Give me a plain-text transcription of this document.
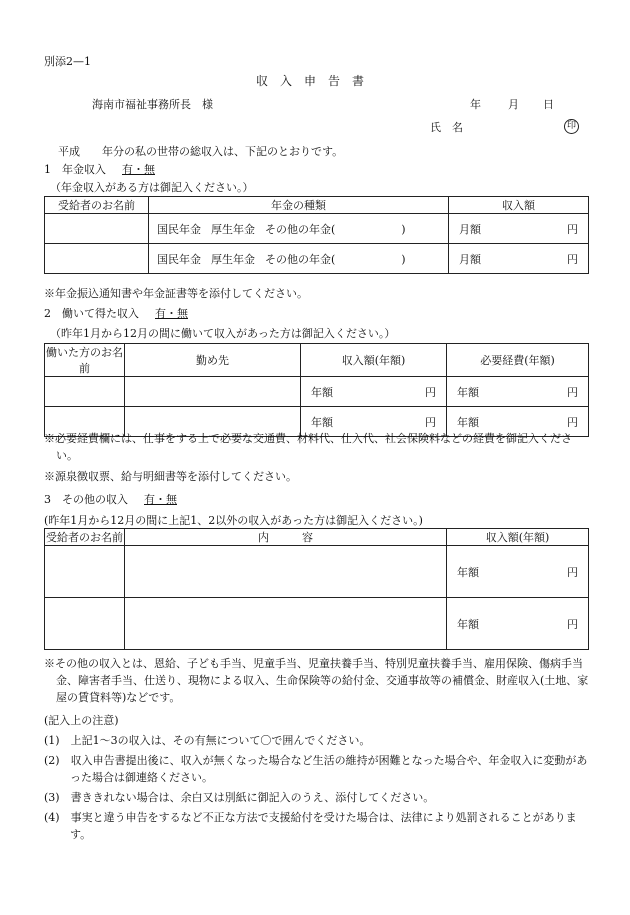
別添2—1
収　入　申　告　書
海南市福祉事務所長　様	年 月 日
氏　名	印
平成　　年分の私の世帯の総収入は、下記のとおりです。
1　年金収入 有・無
（年金収入がある方は御記入ください。）
受給者のお名前	年金の種類	収入額
	国民年金 厚生年金 その他の年金(　　　　　　)	月額 円

	国民年金 厚生年金 その他の年金(　　　　　　)	月額 円
※年金振込通知書や年金証書等を添付してください。
2　働いて得た収入 有・無
（昨年1月から12月の間に働いて収入があった方は御記入ください。）
働いた方のお名前	勤め先	収入額(年額)	必要経費(年額)

		年額 円	年額 円

		年額 円	年額 円
※必要経費欄には、仕事をする上で必要な交通費、材料代、仕入代、社会保険料などの経費を御記入ください。
※源泉徴収票、給与明細書等を添付してください。
3　その他の収入 有・無
(昨年1月から12月の間に上記1、2以外の収入があった方は御記入ください。)
受給者のお名前	内　　　容	収入額(年額)

		年額 円

		年額 円
※その他の収入とは、恩給、子ども手当、児童手当、児童扶養手当、特別児童扶養手当、雇用保険、傷病手当金、障害者手当、仕送り、現物による収入、生命保険等の給付金、交通事故等の補償金、財産収入(土地、家屋の賃貸料等)などです。
(記入上の注意)
(1)　上記1～3の収入は、その有無について〇で囲んでください。
(2)　収入申告書提出後に、収入が無くなった場合など生活の維持が困難となった場合や、年金収入に変動があった場合は御連絡ください。
(3)　書ききれない場合は、余白又は別紙に御記入のうえ、添付してください。
(4)　事実と違う申告をするなど不正な方法で支援給付を受けた場合は、法律により処罰されることがあります。
